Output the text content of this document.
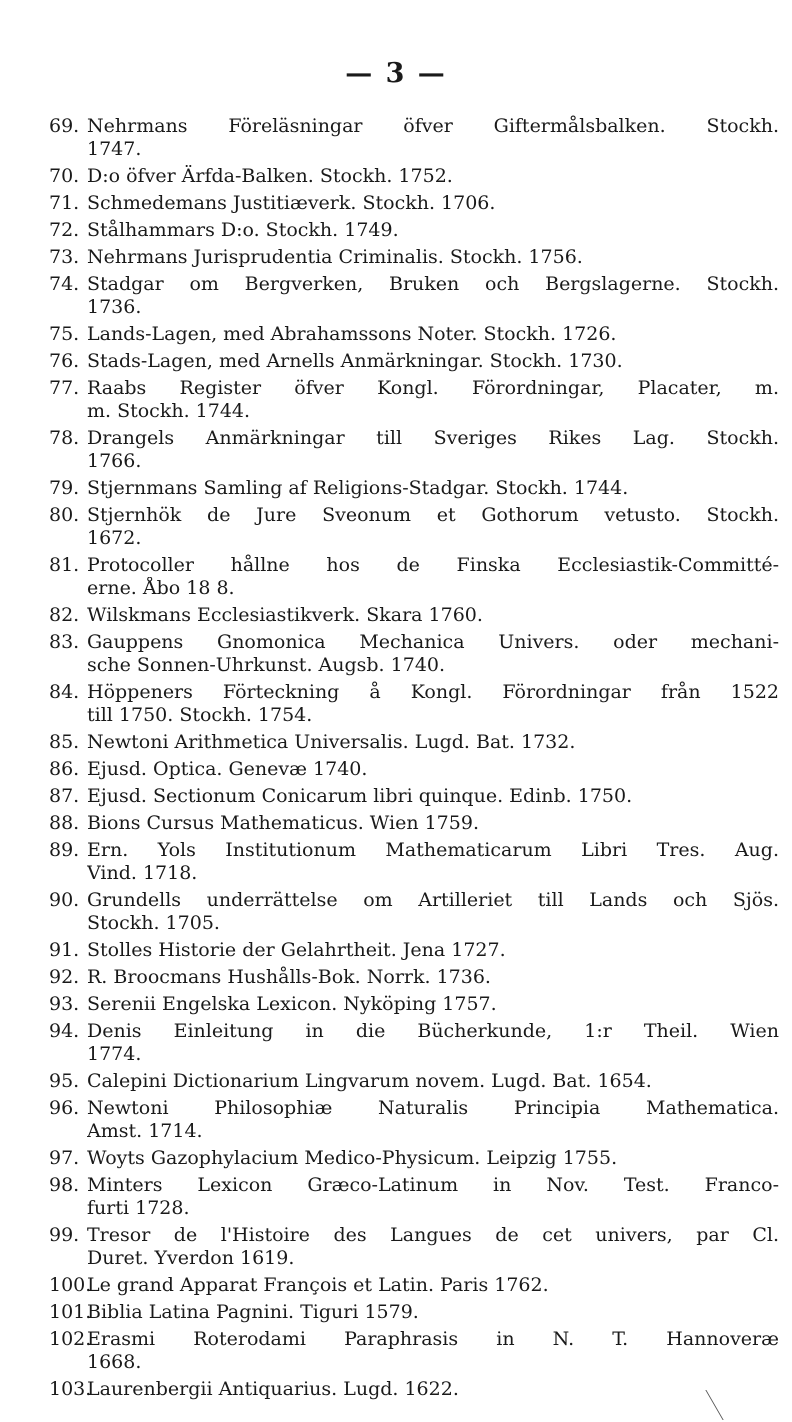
— 3 —
69. Nehrmans Föreläsningar öfver Giftermålsbalken. Stockh.
1747.
70. D:o öfver Ärfda-Balken. Stockh. 1752.
71. Schmedemans Justitiæverk. Stockh. 1706.
72. Stålhammars D:o. Stockh. 1749.
73. Nehrmans Jurisprudentia Criminalis. Stockh. 1756.
74. Stadgar om Bergverken, Bruken och Bergslagerne. Stockh.
1736.
75. Lands-Lagen, med Abrahamssons Noter. Stockh. 1726.
76. Stads-Lagen, med Arnells Anmärkningar. Stockh. 1730.
77. Raabs Register öfver Kongl. Förordningar, Placater, m.
m. Stockh. 1744.
78. Drangels Anmärkningar till Sveriges Rikes Lag. Stockh.
1766.
79. Stjernmans Samling af Religions-Stadgar. Stockh. 1744.
80. Stjernhök de Jure Sveonum et Gothorum vetusto. Stockh.
1672.
81. Protocoller hållne hos de Finska Ecclesiastik-Committé-
erne. Åbo 18 8.
82. Wilskmans Ecclesiastikverk. Skara 1760.
83. Gauppens Gnomonica Mechanica Univers. oder mechani-
sche Sonnen-Uhrkunst. Augsb. 1740.
84. Höppeners Förteckning å Kongl. Förordningar från 1522
till 1750. Stockh. 1754.
85. Newtoni Arithmetica Universalis. Lugd. Bat. 1732.
86. Ejusd. Optica. Genevæ 1740.
87. Ejusd. Sectionum Conicarum libri quinque. Edinb. 1750.
88. Bions Cursus Mathematicus. Wien 1759.
89. Ern. Yols Institutionum Mathematicarum Libri Tres. Aug.
Vind. 1718.
90. Grundells underrättelse om Artilleriet till Lands och Sjös.
Stockh. 1705.
91. Stolles Historie der Gelahrtheit. Jena 1727.
92. R. Broocmans Hushålls-Bok. Norrk. 1736.
93. Serenii Engelska Lexicon. Nyköping 1757.
94. Denis Einleitung in die Bücherkunde, 1:r Theil. Wien
1774.
95. Calepini Dictionarium Lingvarum novem. Lugd. Bat. 1654.
96. Newtoni Philosophiæ Naturalis Principia Mathematica.
Amst. 1714.
97. Woyts Gazophylacium Medico-Physicum. Leipzig 1755.
98. Minters Lexicon Græco-Latinum in Nov. Test. Franco-
furti 1728.
99. Tresor de l'Histoire des Langues de cet univers, par Cl.
Duret. Yverdon 1619.
100.
Le grand Apparat François et Latin. Paris 1762.
101.
Biblia Latina Pagnini. Tiguri 1579.
102.
Erasmi Roterodami Paraphrasis in N. T. Hannoveræ
1668.
103.
Laurenbergii Antiquarius. Lugd. 1622.
